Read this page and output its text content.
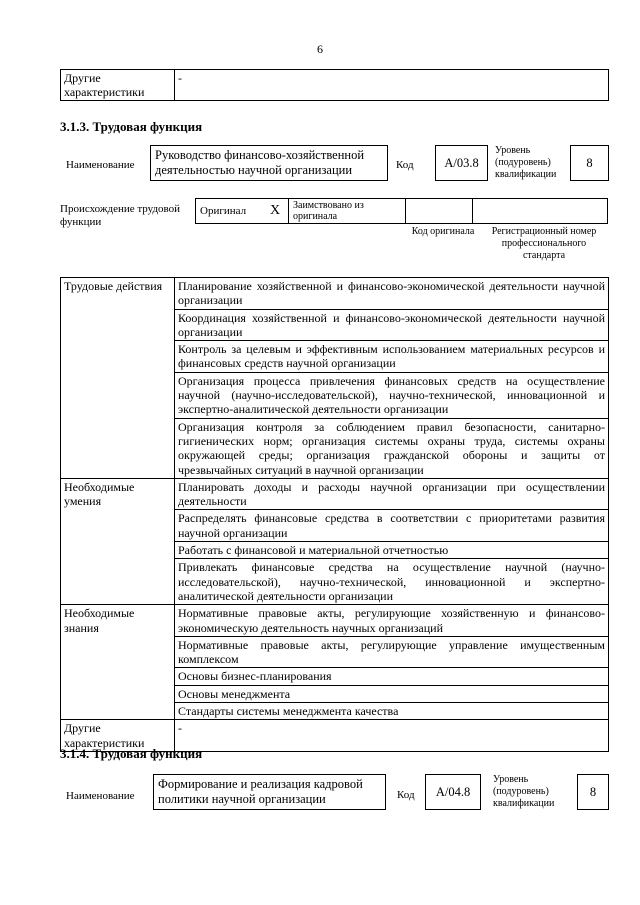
6
Другие характеристики	-
3.1.3. Трудовая функция
Наименование
Руководство финансово-хозяйственной деятельностью научной организации	Код	A/03.8
Уровень (подуровень) квалификации
8
Происхождение трудовой функции
Оригинал	X	Заимствовано из оригинала		
Код оригинала	Регистрационный номер профессионального стандарта
Трудовые действия	Планирование хозяйственной и финансово-экономической деятельности научной организации
	Координация хозяйственной и финансово-экономической деятельности научной организации
	Контроль за целевым и эффективным использованием материальных ресурсов и финансовых средств научной организации
	Организация процесса привлечения финансовых средств на осуществление научной (научно-исследовательской), научно-технической, инновационной и экспертно-аналитической деятельности организации
	Организация контроля за соблюдением правил безопасности, санитарно-гигиенических норм; организация системы охраны труда, системы охраны окружающей среды; организация гражданской обороны и защиты от чрезвычайных ситуаций в научной организации
Необходимые умения	Планировать доходы и расходы научной организации при осуществлении деятельности
	Распределять финансовые средства в соответствии с приоритетами развития научной организации
	Работать с финансовой и материальной отчетностью
	Привлекать финансовые средства на осуществление научной (научно-исследовательской), научно-технической, инновационной и экспертно-аналитической деятельности организации
Необходимые знания	Нормативные правовые акты, регулирующие хозяйственную и финансово-экономическую деятельность научных организаций
	Нормативные правовые акты, регулирующие управление имущественным комплексом
	Основы бизнес-планирования
	Основы менеджмента
	Стандарты системы менеджмента качества
Другие характеристики	-
3.1.4. Трудовая функция
Наименование
Формирование и реализация кадровой политики научной организации	Код	A/04.8
Уровень (подуровень) квалификации
8
